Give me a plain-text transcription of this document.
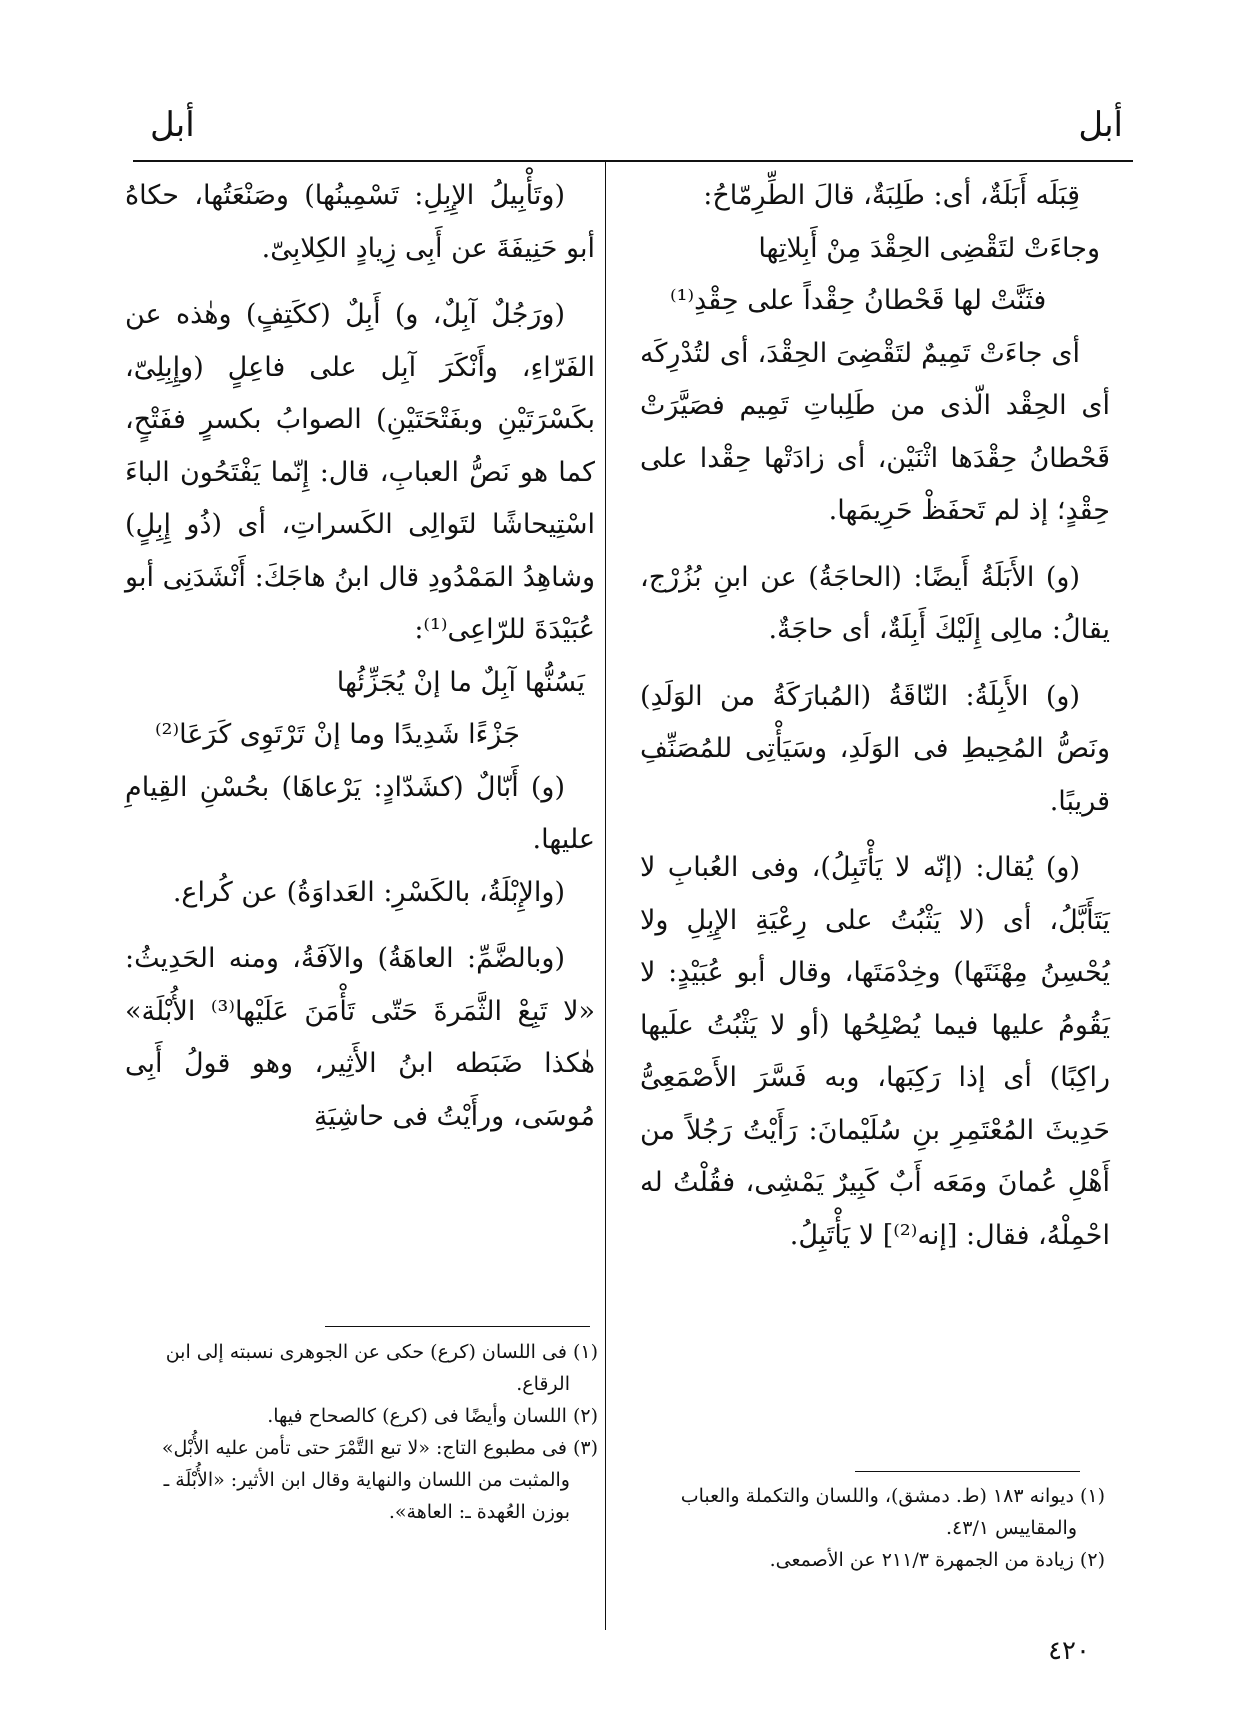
أبل
أبل

قِبَلَه أَبَلَةٌ، أى: طَلِبَةٌ، قالَ الطِّرِمّاحُ:

وجاءَتْ لتَقْضِى الحِقْدَ مِنْ أَبِلاتِها

فثَنَّتْ لها قَحْطانُ حِقْداً على حِقْدِ⁽¹⁾

أى جاءَتْ تَمِيمٌ لتَقْضِىَ الحِقْدَ، أى لتُدْرِكَه أى الحِقْد الّذى من طَلِباتِ تَمِيم فصَيَّرَتْ قَحْطانُ حِقْدَها اثْنَيْن، أى زادَتْها حِقْدا على حِقْدٍ؛ إذ لم تَحفَظْ حَرِيمَها.

(و) الأَبَلَةُ أَيضًا: (الحاجَةُ) عن ابنِ بُزُرْج، يقالُ: مالِى إِلَيْكَ أَبِلَةٌ، أى حاجَةٌ.

(و) الأَبِلَةُ: النّاقَةُ (المُبارَكَةُ من الوَلَدِ) ونَصُّ المُحِيطِ فى الوَلَدِ، وسَيَأْتِى للمُصَنِّفِ قريبًا.

(و) يُقال: (إنّه لا يَأْتَبِلُ)، وفى العُبابِ لا يَتَأَبَّلُ، أى (لا يَثْبُتُ على رِعْيَةِ الإِبِلِ ولا يُحْسِنُ مِهْنَتَها) وخِدْمَتَها، وقال أبو عُبَيْدٍ: لا يَقُومُ عليها فيما يُصْلِحُها (أو لا يَثْبُتُ علَيها راكِبًا) أى إذا رَكِبَها، وبه فَسَّرَ الأَصْمَعِىُّ حَدِيثَ المُعْتَمِرِ بنِ سُلَيْمانَ: رَأَيْتُ رَجُلاً من أَهْلِ عُمانَ ومَعَه أَبٌ كَبِيرٌ يَمْشِى، فقُلْتُ له احْمِلْهُ، فقال: [إنه⁽²⁾] لا يَأْتَبِلُ.

(وتَأْبِيلُ الإِبِلِ: تَسْمِينُها) وصَنْعَتُها، حكاهُ أبو حَنِيفَةَ عن أَبِى زِيادٍ الكِلابِىّ.

(ورَجُلٌ آبِلٌ، و) أَبِلٌ (ككَتِفٍ) وهٰذه عن الفَرّاءِ، وأَنْكَرَ آبِل على فاعِلٍ (وإِبِلِىّ، بكَسْرَتَيْنِ وبفَتْحَتَيْنِ) الصوابُ بكسرٍ ففَتْحٍ، كما هو نَصُّ العبابِ، قال: إِنّما يَفْتَحُون الباءَ اسْتِيحاشًا لتَوالِى الكَسراتِ، أى (ذُو إِبِلٍ) وشاهِدُ المَمْدُودِ قال ابنُ هاجَكَ: أَنْشَدَنِى أبو عُبَيْدَةَ للرّاعِى⁽¹⁾:

يَسُنُّها آبِلٌ ما إنْ يُجَزِّئُها

جَزْءًا شَدِيدًا وما إنْ تَرْتَوِى كَرَعَا⁽²⁾

(و) أَبّالٌ (كشَدّادٍ: يَرْعاهَا) بحُسْنِ القِيامِ عليها.

(والإِبْلَةُ، بالكَسْرِ: العَداوَةُ) عن كُراع.

(وبالضَّمِّ: العاهَةُ) والآفَةُ، ومنه الحَدِيثُ: «لا تَبِعْ الثَّمَرةَ حَتّى تَأْمَنَ عَلَيْها⁽³⁾ الأُبْلَة» هٰكذا ضَبَطه ابنُ الأَثِير، وهو قولُ أَبِى مُوسَى، ورأَيْتُ فى حاشِيَةِ

(١) ديوانه ١٨٣ (ط. دمشق)، واللسان والتكملة والعباب والمقاييس ٤٣/١.

(٢) زيادة من الجمهرة ٢١١/٣ عن الأصمعى.

(١) فى اللسان (كرع) حكى عن الجوهرى نسبته إلى ابن الرقاع.

(٢) اللسان وأيضًا فى (كرع) كالصحاح فيها.

(٣) فى مطبوع التاج: «لا تبع التَّمْرَ حتى تأمن عليه الأُبْل» والمثبت من اللسان والنهاية وقال ابن الأثير: «الأُبْلَة ـ بوزن العُهدة ـ: العاهة».

٤٢٠
